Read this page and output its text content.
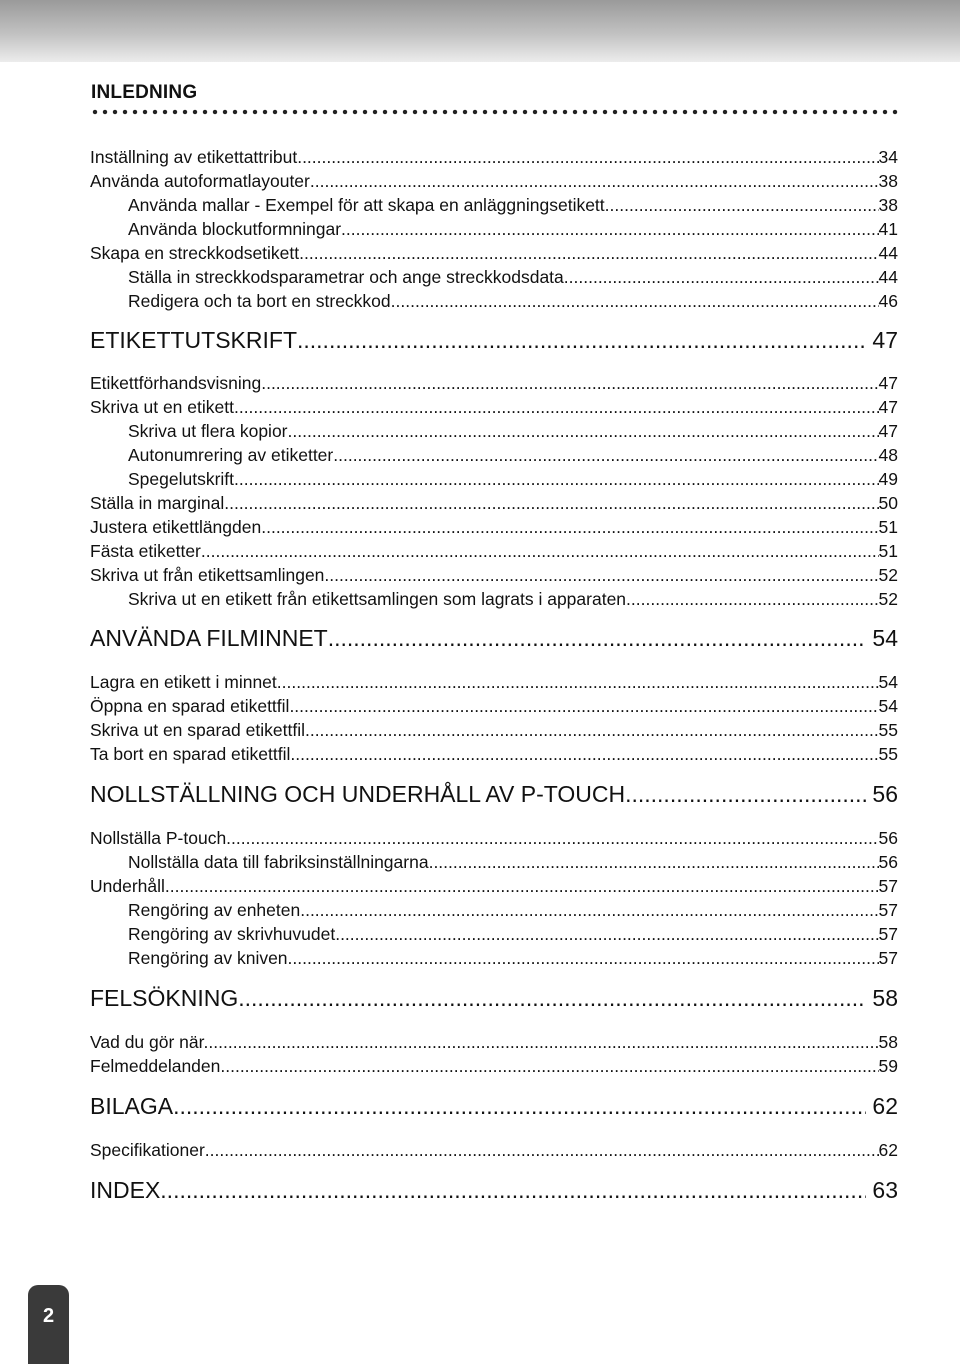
INLEDNING
Inställning av etikettattribut .....	34
Använda autoformatlayouter .....	38
Använda mallar - Exempel för att skapa en anläggningsetikett .....	38
Använda blockutformningar .....	41
Skapa en streckkodsetikett .....	44
Ställa in streckkodsparametrar och ange streckkodsdata .....	44
Redigera och ta bort en streckkod .....	46
ETIKETTUTSKRIFT .....	47
Etikettförhandsvisning .....	47
Skriva ut en etikett .....	47
Skriva ut flera kopior .....	47
Autonumrering av etiketter .....	48
Spegelutskrift .....	49
Ställa in marginal .....	50
Justera etikettlängden .....	51
Fästa etiketter .....	51
Skriva ut från etikettsamlingen .....	52
Skriva ut en etikett från etikettsamlingen som lagrats i apparaten .....	52
ANVÄNDA FILMINNET .....	54
Lagra en etikett i minnet .....	54
Öppna en sparad etikettfil .....	54
Skriva ut en sparad etikettfil .....	55
Ta bort en sparad etikettfil .....	55
NOLLSTÄLLNING OCH UNDERHÅLL AV P-TOUCH .....	56
Nollställa P-touch .....	56
Nollställa data till fabriksinställningarna .....	56
Underhåll .....	57
Rengöring av enheten .....	57
Rengöring av skrivhuvudet .....	57
Rengöring av kniven .....	57
FELSÖKNING .....	58
Vad du gör när... .....	58
Felmeddelanden .....	59
BILAGA .....	62
Specifikationer .....	62
INDEX .....	63
2
